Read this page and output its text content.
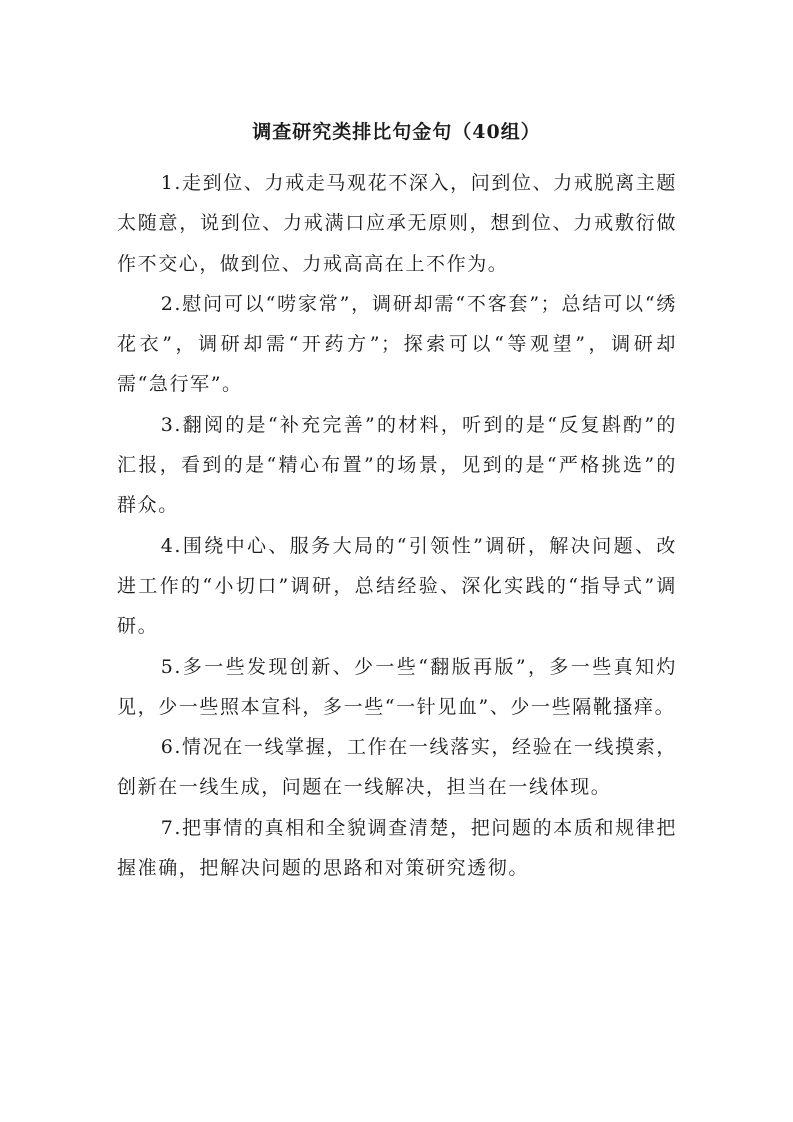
调查研究类排比句金句（40组）

1.走到位、力戒走马观花不深入，问到位、力戒脱离主题太随意，说到位、力戒满口应承无原则，想到位、力戒敷衍做作不交心，做到位、力戒高高在上不作为。

2.慰问可以“唠家常”，调研却需“不客套”；总结可以“绣花衣”，调研却需“开药方”；探索可以“等观望”，调研却需“急行军”。

3.翻阅的是“补充完善”的材料，听到的是“反复斟酌”的汇报，看到的是“精心布置”的场景，见到的是“严格挑选”的群众。

4.围绕中心、服务大局的“引领性”调研，解决问题、改进工作的“小切口”调研，总结经验、深化实践的“指导式”调研。

5.多一些发现创新、少一些“翻版再版”，多一些真知灼见，少一些照本宣科，多一些“一针见血”、少一些隔靴搔痒。

6.情况在一线掌握，工作在一线落实，经验在一线摸索，创新在一线生成，问题在一线解决，担当在一线体现。

7.把事情的真相和全貌调查清楚，把问题的本质和规律把握准确，把解决问题的思路和对策研究透彻。
